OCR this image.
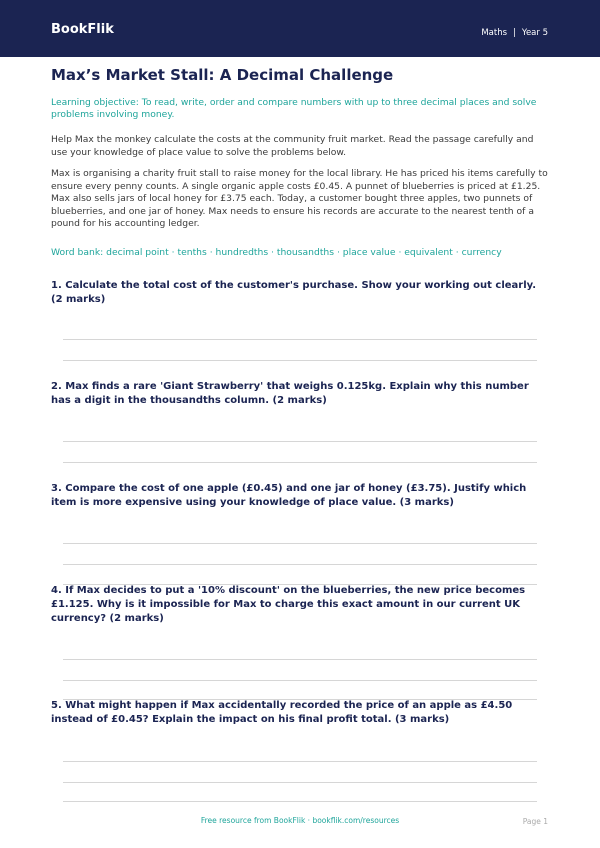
BookFlik	Maths | Year 5
Max’s Market Stall: A Decimal Challenge

Learning objective: To read, write, order and compare numbers with up to three decimal places and solve problems involving money.

Help Max the monkey calculate the costs at the community fruit market. Read the passage carefully and use your knowledge of place value to solve the problems below.

Max is organising a charity fruit stall to raise money for the local library. He has priced his items carefully to ensure every penny counts. A single organic apple costs £0.45. A punnet of blueberries is priced at £1.25. Max also sells jars of local honey for £3.75 each. Today, a customer bought three apples, two punnets of blueberries, and one jar of honey. Max needs to ensure his records are accurate to the nearest tenth of a pound for his accounting ledger.

Word bank: decimal point · tenths · hundredths · thousandths · place value · equivalent · currency

1. Calculate the total cost of the customer's purchase. Show your working out clearly. (2 marks)

2. Max finds a rare 'Giant Strawberry' that weighs 0.125kg. Explain why this number has a digit in the thousandths column. (2 marks)

3. Compare the cost of one apple (£0.45) and one jar of honey (£3.75). Justify which item is more expensive using your knowledge of place value. (3 marks)

4. If Max decides to put a '10% discount' on the blueberries, the new price becomes £1.125. Why is it impossible for Max to charge this exact amount in our current UK currency? (2 marks)

5. What might happen if Max accidentally recorded the price of an apple as £4.50 instead of £0.45? Explain the impact on his final profit total. (3 marks)

Free resource from BookFlik · bookflik.com/resources	Page 1
